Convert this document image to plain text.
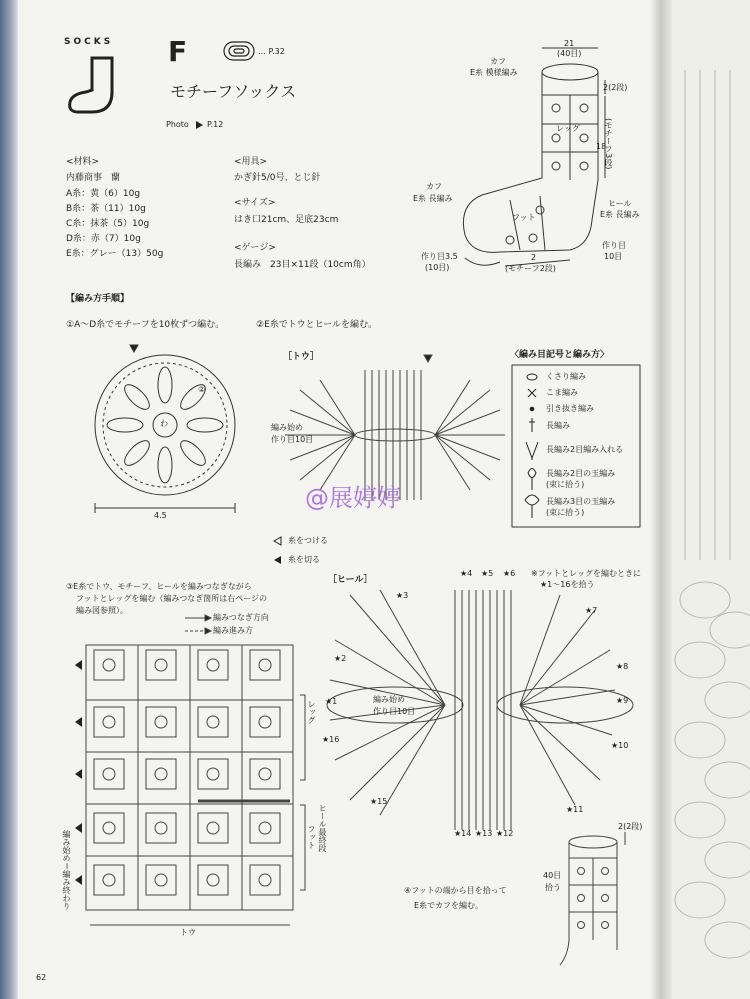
SOCKS F	… P.32
モチーフソックス
Photo P.12
<材料>
内藤商事　蘭
A糸：黄（6）10g
B糸：茶（11）10g
C糸：抹茶（5）10g
D糸：赤（7）10g
E糸：グレー（13）50g
<用具>
かぎ針5/0号、とじ針
<サイズ>
はき口21cm、足底23cm
<ゲージ>
長編み　23目×11段（10cm角）
21
(40目)
カフ
E糸 模様編み
2(2段)
レッグ
18
(モチーフ3段)
カフ
E糸 長編み
ヒール
E糸 長編み
フット
作り目3.5
(10目)
2
(モチーフ2段)
作り目
10目
【編み方手順】
①A～D糸でモチーフを10枚ずつ編む。	②E糸でトウとヒールを編む。
わ
②
4.5
［トウ］
編み始め
作り目10目
〈編み目記号と編み方〉
くさり編み
こま編み
引き抜き編み
長編み
長編み2目編み入れる
長編み2目の玉編み
(束に拾う)
長編み3目の玉編み
(束に拾う)
糸をつける
糸を切る
③E糸でトウ、モチーフ、ヒールを編みつなぎながら
フットとレッグを編む（編みつなぎ箇所は右ページの
編み図参照）。
編みつなぎ方向
編み進み方
レッグ
ヒール最終段
フット
トウ
編み始め＝編み終わり
［ヒール］
※フットとレッグを編むときに
★1～16を拾う
編み始め
作り目10目
★4 ★5 ★6
★14 ★13 ★12
★3
★2
★1
★16
★15
★7
★8
★9
★10
★11
2(2段)
40目
拾う
④フットの端から目を拾って
E糸でカフを編む。
@展婷婷
62
